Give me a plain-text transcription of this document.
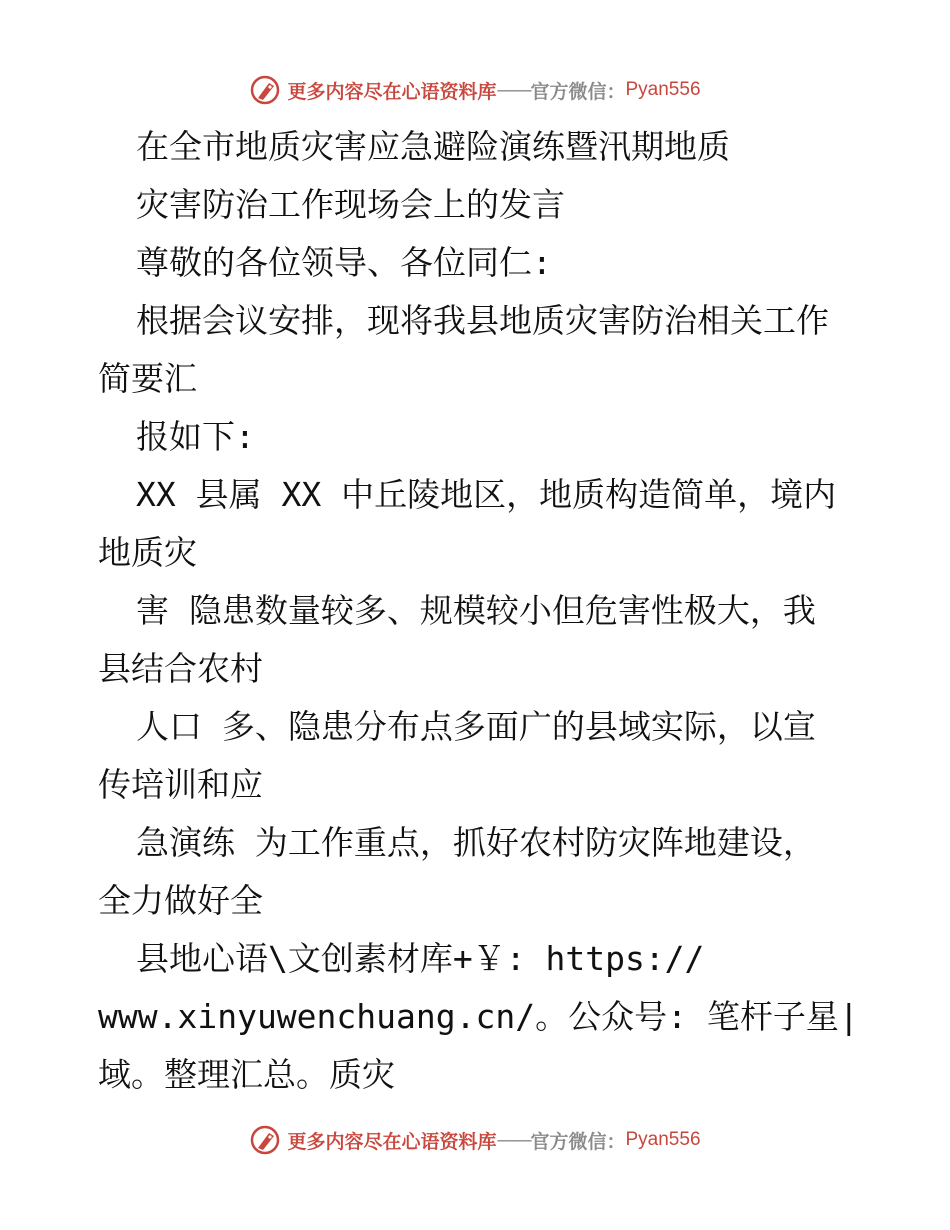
更多内容尽在心语资料库 —— 官方微信： Pyan556

在全市地质灾害应急避险演练暨汛期地质

灾害防治工作现场会上的发言

尊敬的各位领导、各位同仁:

根据会议安排，现将我县地质灾害防治相关工作

简要汇

报如下:

XX 县属 XX 中丘陵地区，地质构造简单，境内

地质灾

害 隐患数量较多、规模较小但危害性极大，我

县结合农村

人口 多、隐患分布点多面广的县域实际，以宣

传培训和应

急演练 为工作重点，抓好农村防灾阵地建设，

全力做好全

县地心语\文创素材库+￥: https://

www.xinyuwenchuang.cn/。公众号: 笔杆子星|

域。整理汇总。质灾

更多内容尽在心语资料库 —— 官方微信： Pyan556
